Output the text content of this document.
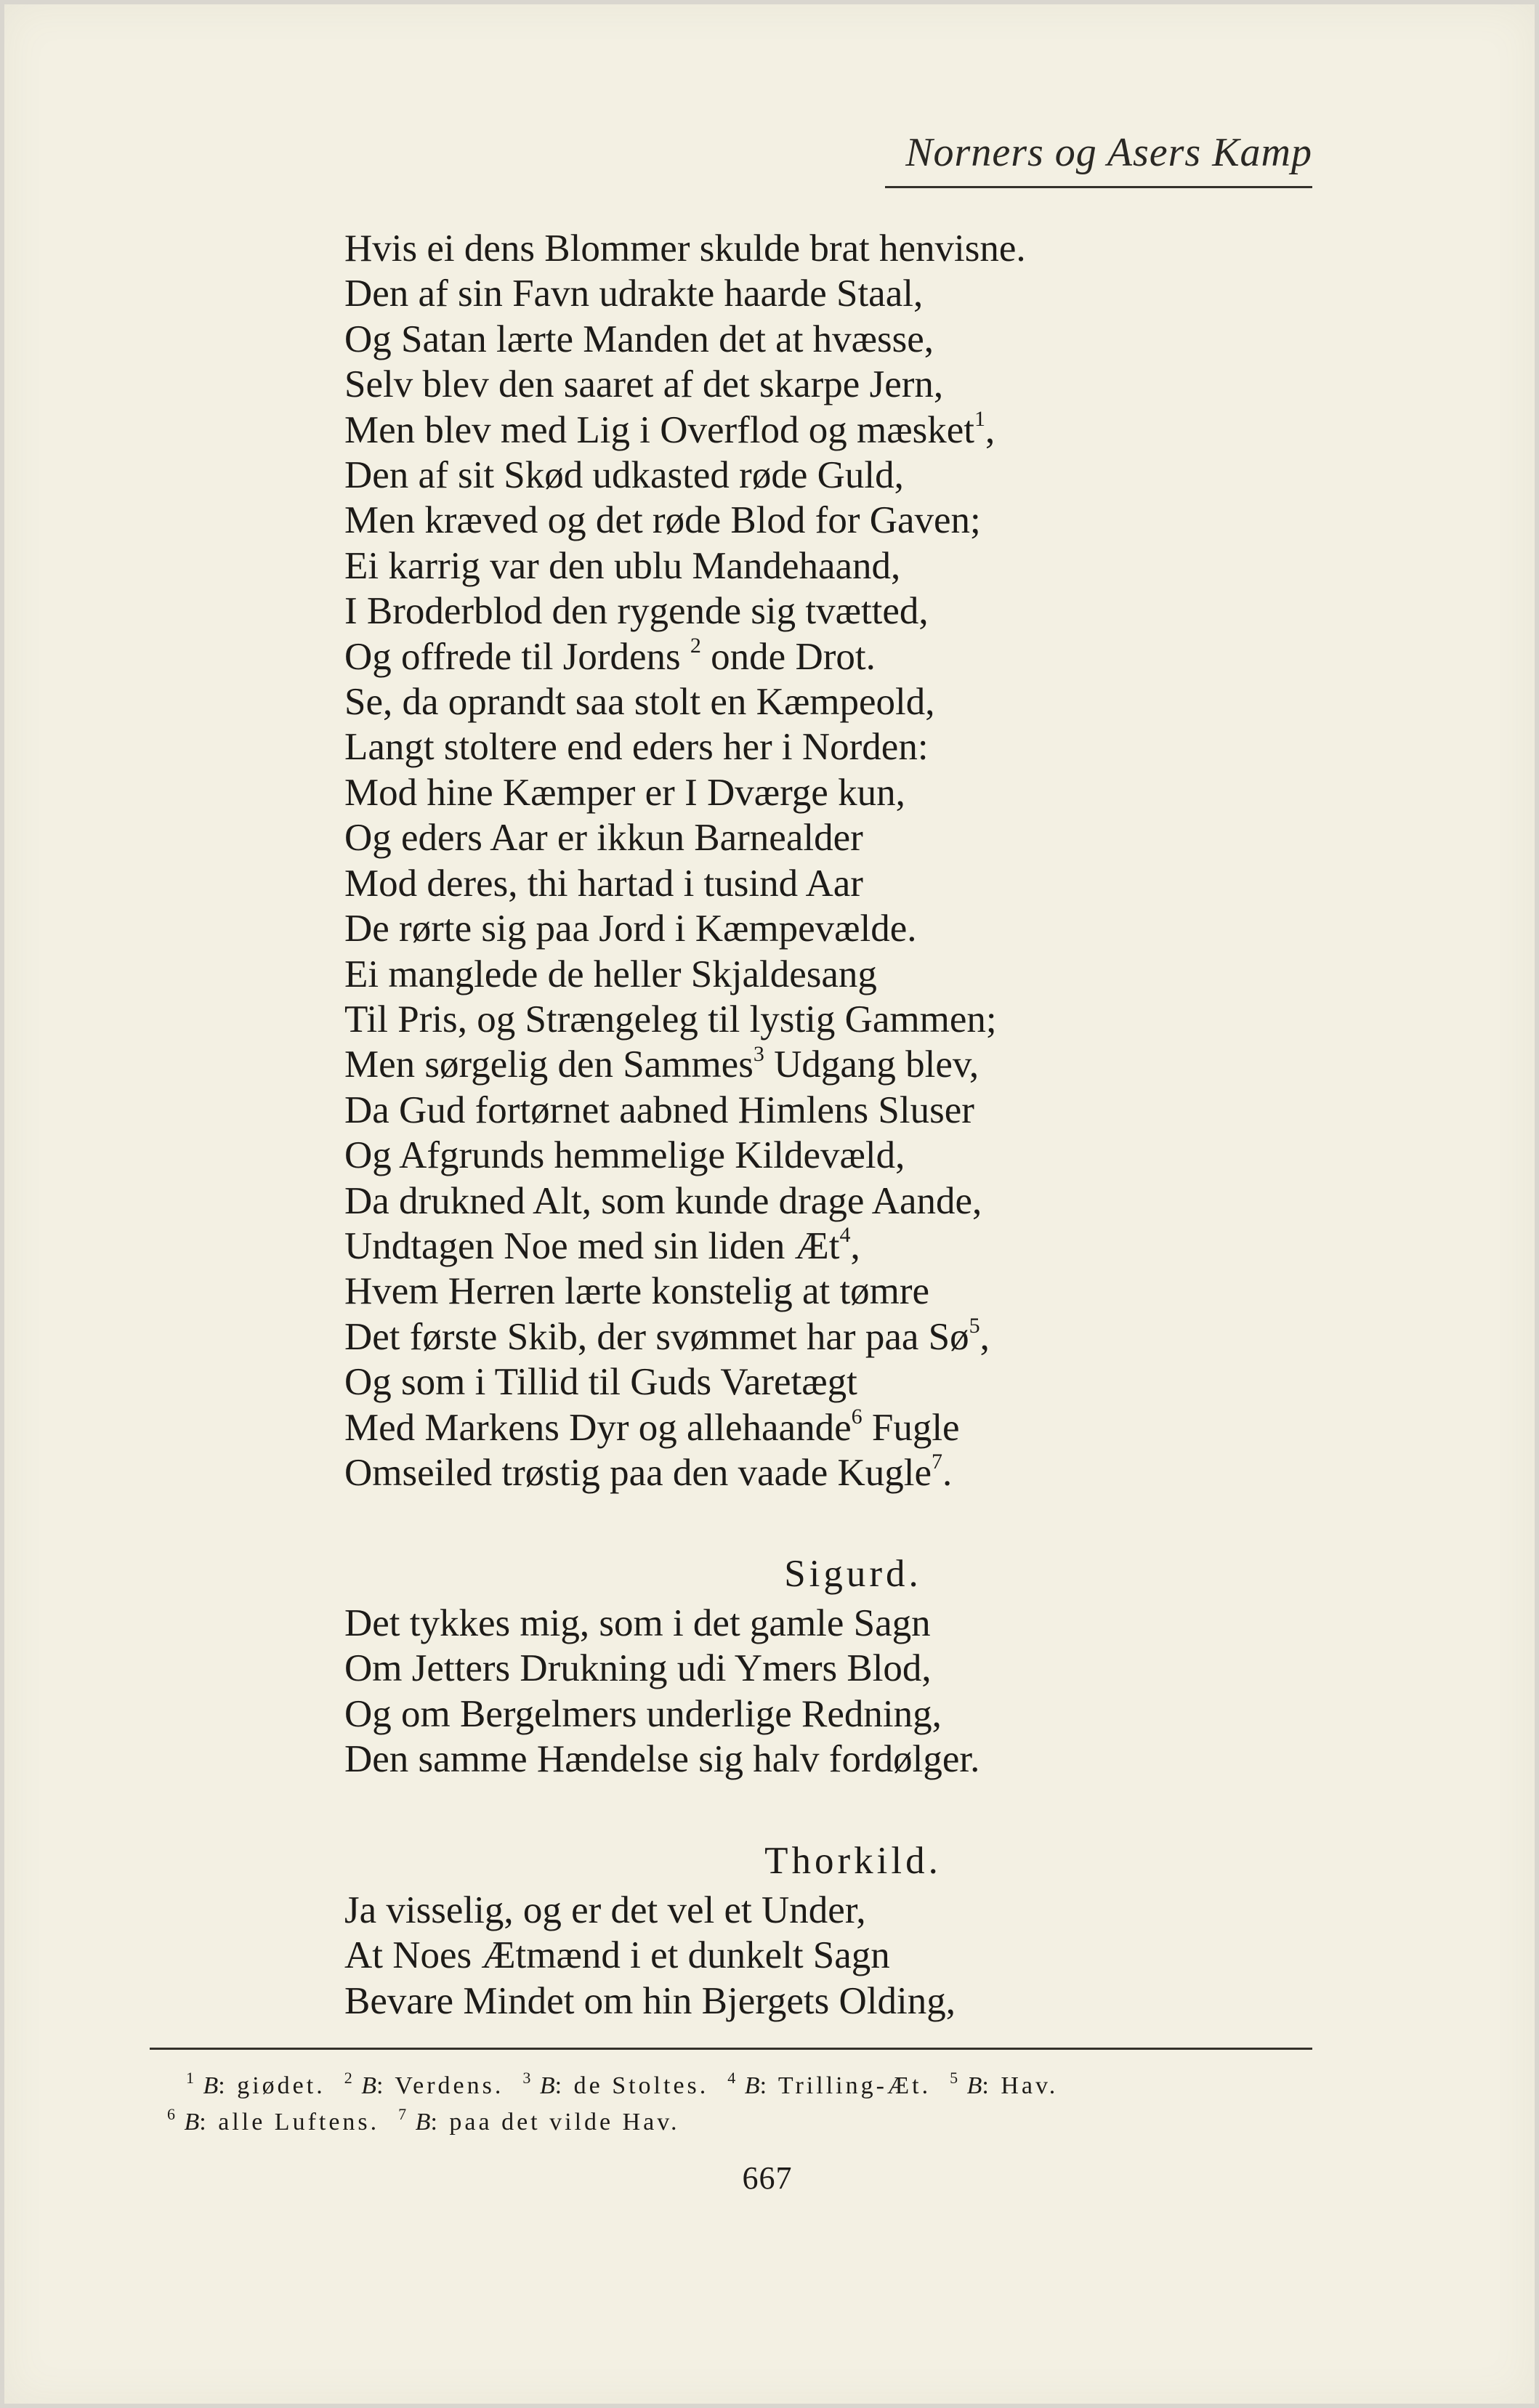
Norners og Asers Kamp
Hvis ei dens Blommer skulde brat henvisne.
Den af sin Favn udrakte haarde Staal,
Og Satan lærte Manden det at hvæsse,
Selv blev den saaret af det skarpe Jern,
Men blev med Lig i Overflod og mæsket$^1$,
Den af sit Skød udkasted røde Guld,
Men kræved og det røde Blod for Gaven;
Ei karrig var den ublu Mandehaand,
I Broderblod den rygende sig tvætted,
Og offrede til Jordens $^2$ onde Drot.
Se, da oprandt saa stolt en Kæmpeold,
Langt stoltere end eders her i Norden:
Mod hine Kæmper er I Dværge kun,
Og eders Aar er ikkun Barnealder
Mod deres, thi hartad i tusind Aar
De rørte sig paa Jord i Kæmpevælde.
Ei manglede de heller Skjaldesang
Til Pris, og Strængeleg til lystig Gammen;
Men sørgelig den Sammes$^3$ Udgang blev,
Da Gud fortørnet aabned Himlens Sluser
Og Afgrunds hemmelige Kildevæld,
Da drukned Alt, som kunde drage Aande,
Undtagen Noe med sin liden $Æt^4$,
Hvem Herren lærte konstelig at tømre
Det første Skib, der svømmet har paa $Sø^5$,
Og som i Tillid til Guds Varetægt
Med Markens Dyr og allehaande$^6$ Fugle
Omseiled trøstig paa den vaade Kugle$^7$.
Sigurd.
Det tykkes mig, som i det gamle Sagn
Om Jetters Drukning udi Ymers Blod,
Og om Bergelmers underlige Redning,
Den samme Hændelse sig halv fordølger.
Thorkild.
Ja visselig, og er det vel et Under,
At Noes Ætmænd i et dunkelt Sagn
Bevare Mindet om hin Bjergets Olding,
$^1$ B: giødet. $^2$ B: Verdens. $^3$ B: de Stoltes. $^4$ B: Trilling-Æt. $^5$ B: Hav.
$^6$ B: alle Luftens. $^7$ B: paa det vilde Hav.
667
